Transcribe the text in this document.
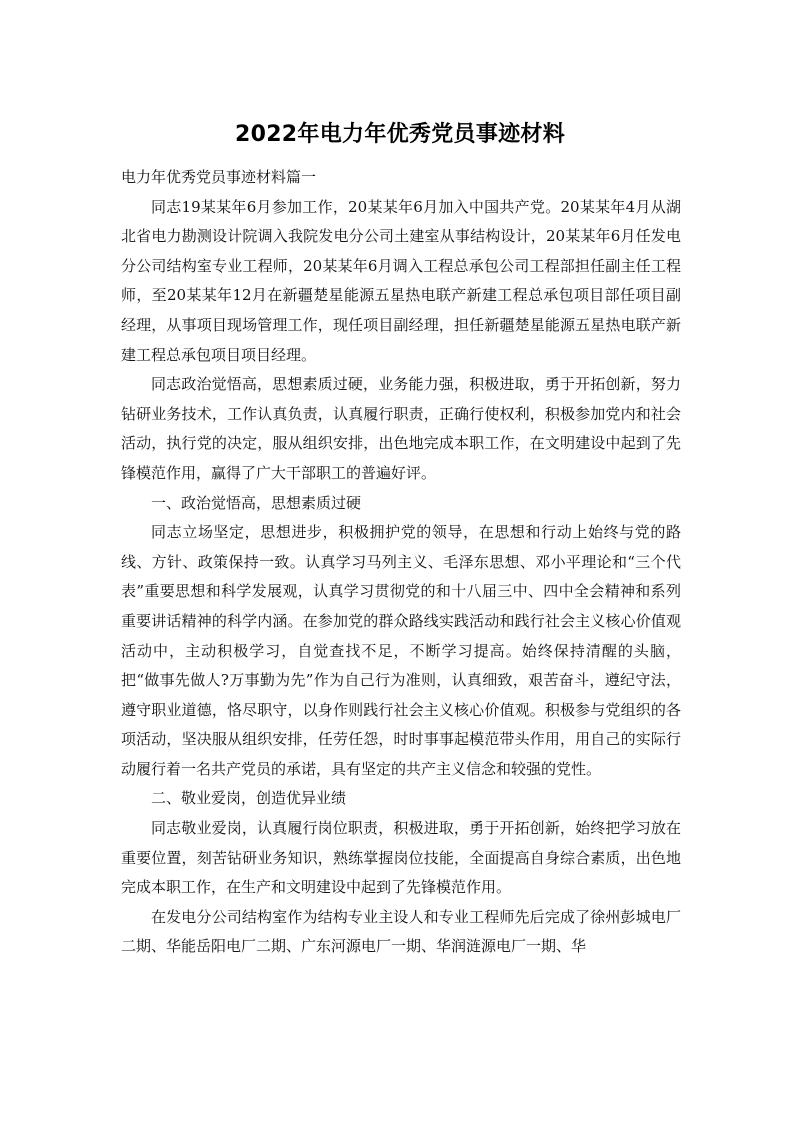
2022年电力年优秀党员事迹材料

电力年优秀党员事迹材料篇一

同志19某某年6月参加工作，20某某年6月加入中国共产党。20某某年4月从湖北省电力勘测设计院调入我院发电分公司土建室从事结构设计，20某某年6月任发电分公司结构室专业工程师，20某某年6月调入工程总承包公司工程部担任副主任工程师，至20某某年12月在新疆楚星能源五星热电联产新建工程总承包项目部任项目副经理，从事项目现场管理工作，现任项目副经理，担任新疆楚星能源五星热电联产新建工程总承包项目项目经理。

同志政治觉悟高，思想素质过硬，业务能力强，积极进取，勇于开拓创新，努力钻研业务技术，工作认真负责，认真履行职责，正确行使权利，积极参加党内和社会活动，执行党的决定，服从组织安排，出色地完成本职工作，在文明建设中起到了先锋模范作用，赢得了广大干部职工的普遍好评。

一、政治觉悟高，思想素质过硬

同志立场坚定，思想进步，积极拥护党的领导，在思想和行动上始终与党的路线、方针、政策保持一致。认真学习马列主义、毛泽东思想、邓小平理论和“三个代表”重要思想和科学发展观，认真学习贯彻党的和十八届三中、四中全会精神和系列重要讲话精神的科学内涵。在参加党的群众路线实践活动和践行社会主义核心价值观活动中，主动积极学习，自觉查找不足，不断学习提高。始终保持清醒的头脑，把“做事先做人?万事勤为先”作为自己行为准则，认真细致，艰苦奋斗，遵纪守法，遵守职业道德，恪尽职守，以身作则践行社会主义核心价值观。积极参与党组织的各项活动，坚决服从组织安排，任劳任怨，时时事事起模范带头作用，用自己的实际行动履行着一名共产党员的承诺，具有坚定的共产主义信念和较强的党性。

二、敬业爱岗，创造优异业绩

同志敬业爱岗，认真履行岗位职责，积极进取，勇于开拓创新，始终把学习放在重要位置，刻苦钻研业务知识，熟练掌握岗位技能，全面提高自身综合素质，出色地完成本职工作，在生产和文明建设中起到了先锋模范作用。

在发电分公司结构室作为结构专业主设人和专业工程师先后完成了徐州彭城电厂二期、华能岳阳电厂二期、广东河源电厂一期、华润涟源电厂一期、华
